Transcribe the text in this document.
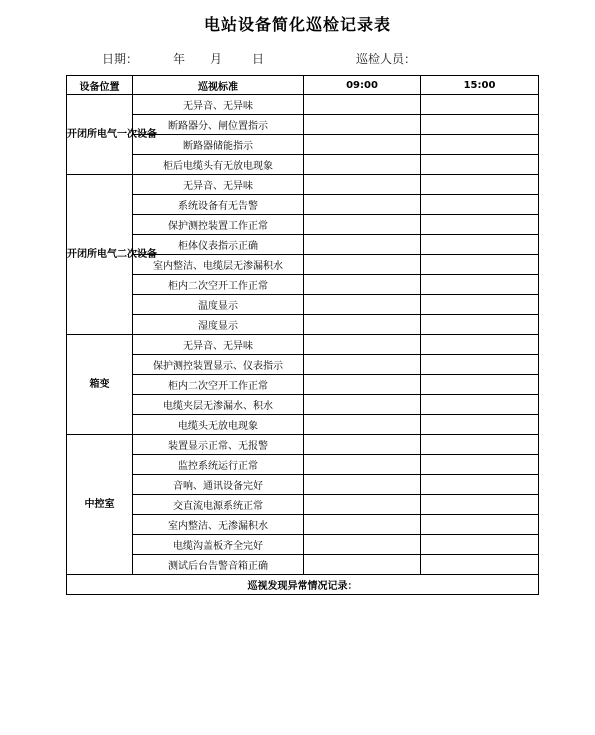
电站设备简化巡检记录表
日期：	年 月 日	巡检人员：
设备位置	巡视标准	09:00	15:00
开闭所电气一次设备	无异音、无异味		
	断路器分、闸位置指示		
	断路器储能指示		
	柜后电缆头有无放电现象		
开闭所电气二次设备	无异音、无异味		
	系统设备有无告警		
	保护测控装置工作正常		
	柜体仪表指示正确		
	室内整洁、电缆层无渗漏积水		
	柜内二次空开工作正常		
	温度显示		
	湿度显示		
箱变	无异音、无异味		
	保护测控装置显示、仪表指示		
	柜内二次空开工作正常		
	电缆夹层无渗漏水、积水		
	电缆头无放电现象		
中控室	装置显示正常、无报警		
	监控系统运行正常		
	音响、通讯设备完好		
	交直流电源系统正常		
	室内整洁、无渗漏积水		
	电缆沟盖板齐全完好		
	测试后台告警音箱正确		
巡视发现异常情况记录：			
